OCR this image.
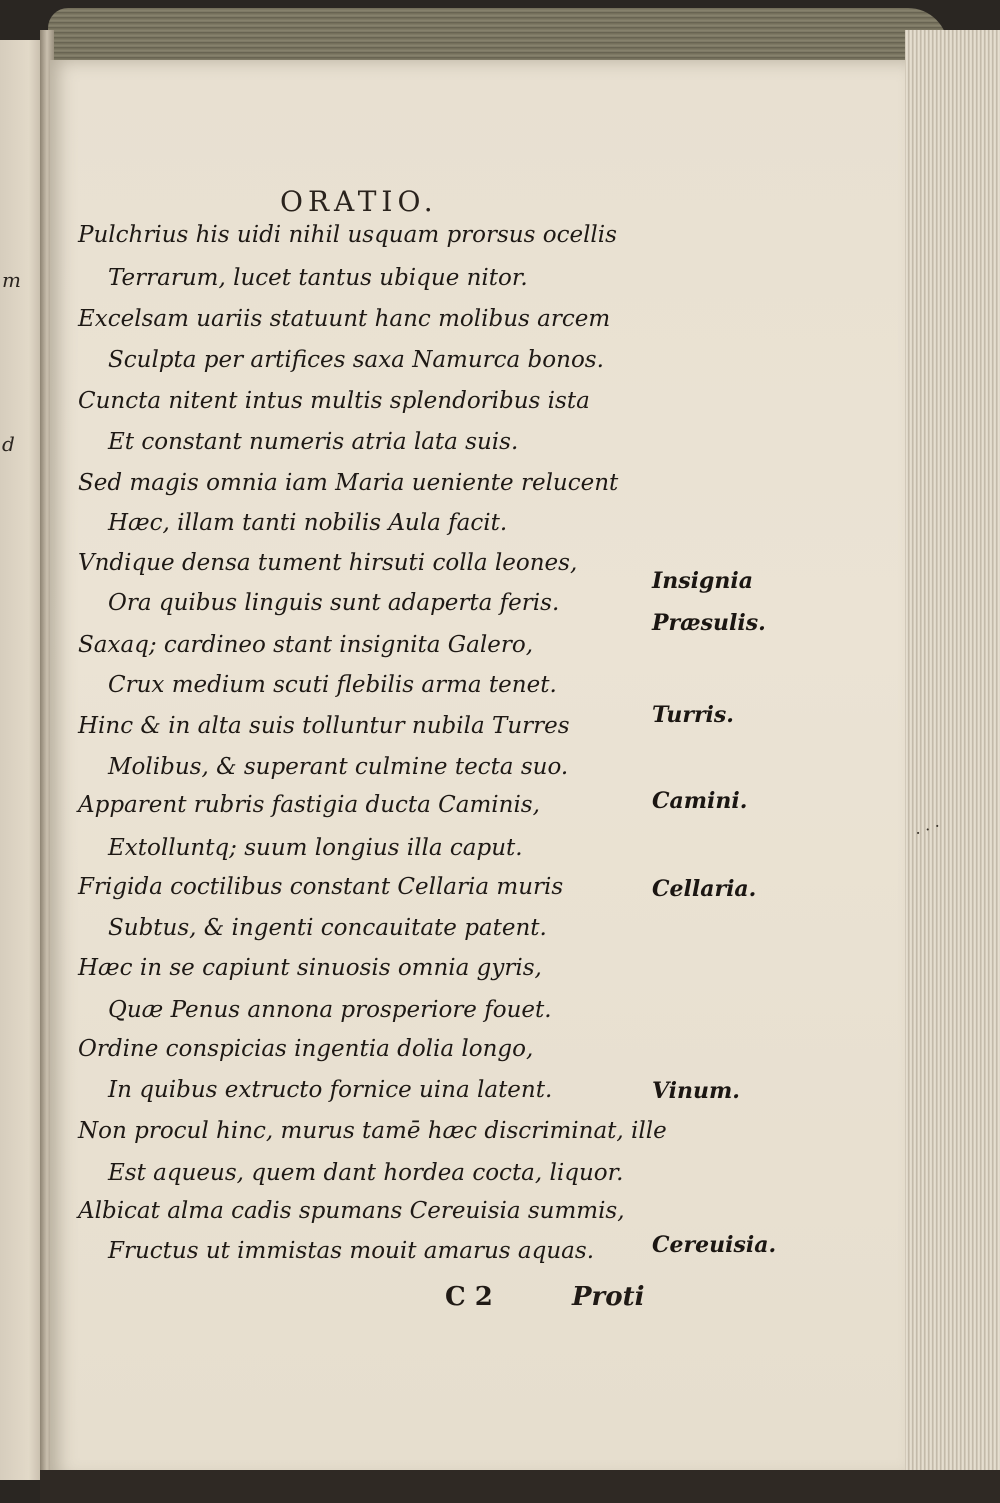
m
d
· · ·
ORATIO.
Pulchrius his uidi nihil usquam prorsus ocellis
Terrarum, lucet tantus ubique nitor.
Excelsam uariis statuunt hanc molibus arcem
Sculpta per artifices saxa Namurca bonos.
Cuncta nitent intus multis splendoribus ista
Et constant numeris atria lata suis.
Sed magis omnia iam Maria ueniente relucent
Hæc, illam tanti nobilis Aula facit.
Vndique densa tument hirsuti colla leones,
Ora quibus linguis sunt adaperta feris.
Saxaq; cardineo stant insignita Galero,
Crux medium scuti flebilis arma tenet.
Hinc & in alta suis tolluntur nubila Turres
Molibus, & superant culmine tecta suo.
Apparent rubris fastigia ducta Caminis,
Extolluntq; suum longius illa caput.
Frigida coctilibus constant Cellaria muris
Subtus, & ingenti concauitate patent.
Hæc in se capiunt sinuosis omnia gyris,
Quæ Penus annona prosperiore fouet.
Ordine conspicias ingentia dolia longo,
In quibus extructo fornice uina latent.
Non procul hinc, murus tamē hæc discriminat, ille
Est aqueus, quem dant hordea cocta, liquor.
Albicat alma cadis spumans Cereuisia summis,
Fructus ut immistas mouit amarus aquas.
Insignia
Præsulis.
Turris.
Camini.
Cellaria.
Vinum.
Cereuisia.
C 2	Proti
